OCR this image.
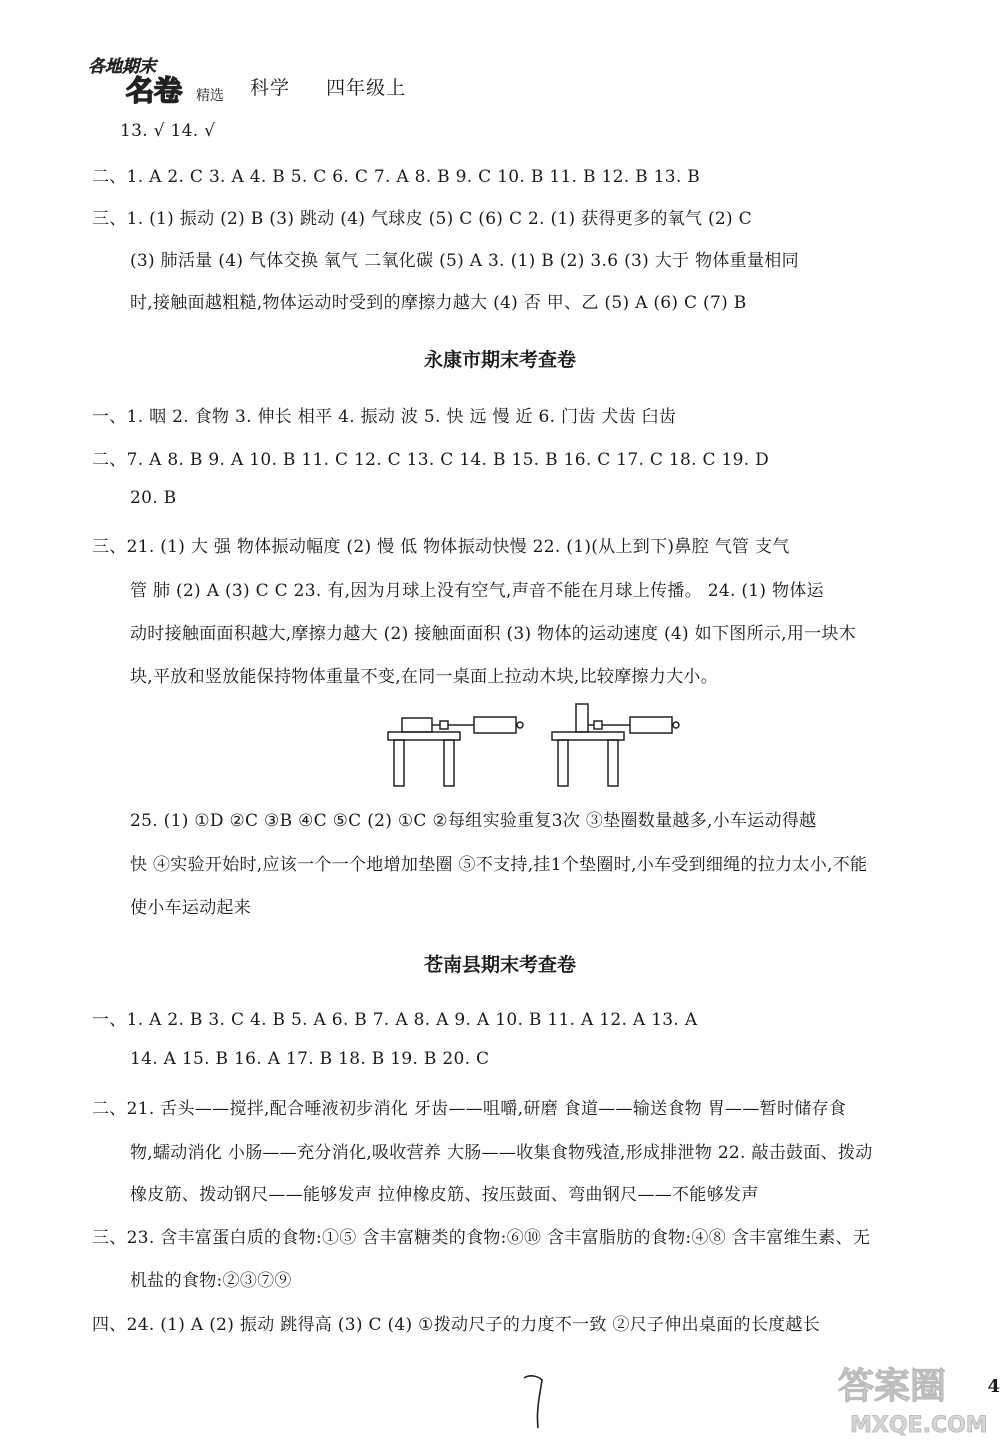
各地期末
名卷 精选 科学 四年级上
13. √ 14. √
二、1. A 2. C 3. A 4. B 5. C 6. C 7. A 8. B 9. C 10. B 11. B 12. B 13. B
三、1. (1) 振动 (2) B (3) 跳动 (4) 气球皮 (5) C (6) C 2. (1) 获得更多的氧气 (2) C
(3) 肺活量 (4) 气体交换 氧气 二氧化碳 (5) A 3. (1) B (2) 3.6 (3) 大于 物体重量相同
时,接触面越粗糙,物体运动时受到的摩擦力越大 (4) 否 甲、乙 (5) A (6) C (7) B
永康市期末考查卷
一、1. 咽 2. 食物 3. 伸长 相平 4. 振动 波 5. 快 远 慢 近 6. 门齿 犬齿 臼齿
二、7. A 8. B 9. A 10. B 11. C 12. C 13. C 14. B 15. B 16. C 17. C 18. C 19. D
20. B
三、21. (1) 大 强 物体振动幅度 (2) 慢 低 物体振动快慢 22. (1)(从上到下)鼻腔 气管 支气
管 肺 (2) A (3) C C 23. 有,因为月球上没有空气,声音不能在月球上传播。 24. (1) 物体运
动时接触面面积越大,摩擦力越大 (2) 接触面面积 (3) 物体的运动速度 (4) 如下图所示,用一块木
块,平放和竖放能保持物体重量不变,在同一桌面上拉动木块,比较摩擦力大小。
25. (1) ①D ②C ③B ④C ⑤C (2) ①C ②每组实验重复3次 ③垫圈数量越多,小车运动得越
快 ④实验开始时,应该一个一个地增加垫圈 ⑤不支持,挂1个垫圈时,小车受到细绳的拉力太小,不能
使小车运动起来
苍南县期末考查卷
一、1. A 2. B 3. C 4. B 5. A 6. B 7. A 8. A 9. A 10. B 11. A 12. A 13. A
14. A 15. B 16. A 17. B 18. B 19. B 20. C
二、21. 舌头——搅拌,配合唾液初步消化 牙齿——咀嚼,研磨 食道——输送食物 胃——暂时储存食
物,蠕动消化 小肠——充分消化,吸收营养 大肠——收集食物残渣,形成排泄物 22. 敲击鼓面、拨动
橡皮筋、拨动钢尺——能够发声 拉伸橡皮筋、按压鼓面、弯曲钢尺——不能够发声
三、23. 含丰富蛋白质的食物:①⑤ 含丰富糖类的食物:⑥⑩ 含丰富脂肪的食物:④⑧ 含丰富维生素、无
机盐的食物:②③⑦⑨
四、24. (1) A (2) 振动 跳得高 (3) C (4) ①拨动尺子的力度不一致 ②尺子伸出桌面的长度越长
答案圈
MXQE.COM
4
